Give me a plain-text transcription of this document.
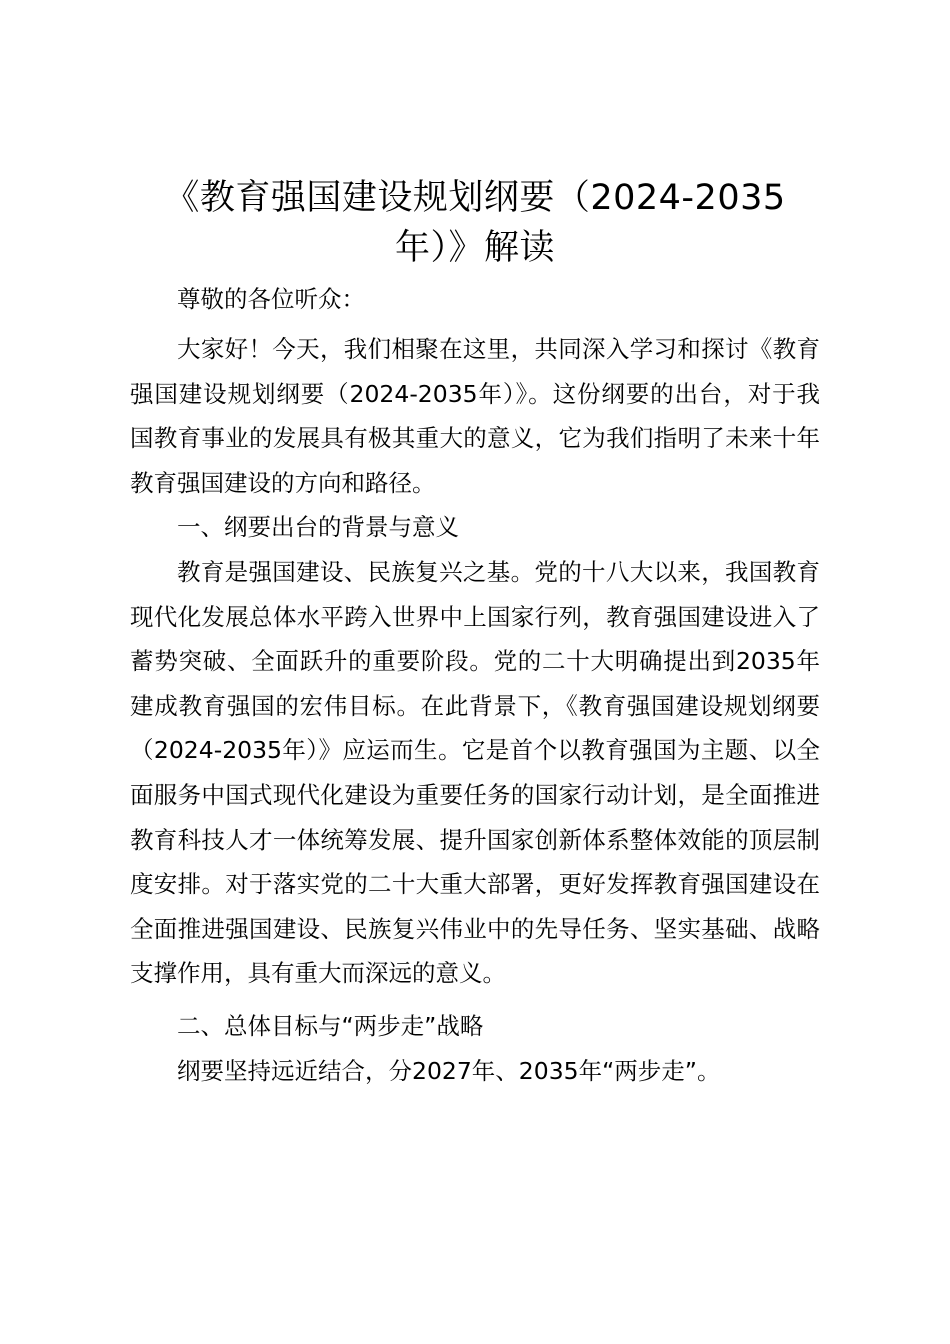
《教育强国建设规划纲要（2024-2035年）》解读

尊敬的各位听众：

大家好！今天，我们相聚在这里，共同深入学习和探讨《教育强国建设规划纲要（2024-2035年）》。这份纲要的出台，对于我国教育事业的发展具有极其重大的意义，它为我们指明了未来十年教育强国建设的方向和路径。

一、纲要出台的背景与意义

教育是强国建设、民族复兴之基。党的十八大以来，我国教育现代化发展总体水平跨入世界中上国家行列，教育强国建设进入了蓄势突破、全面跃升的重要阶段。党的二十大明确提出到2035年建成教育强国的宏伟目标。在此背景下，《教育强国建设规划纲要（2024-2035年）》应运而生。它是首个以教育强国为主题、以全面服务中国式现代化建设为重要任务的国家行动计划，是全面推进教育科技人才一体统筹发展、提升国家创新体系整体效能的顶层制度安排。对于落实党的二十大重大部署，更好发挥教育强国建设在全面推进强国建设、民族复兴伟业中的先导任务、坚实基础、战略支撑作用，具有重大而深远的意义。

二、总体目标与“两步走”战略

纲要坚持远近结合，分2027年、2035年“两步走”。
